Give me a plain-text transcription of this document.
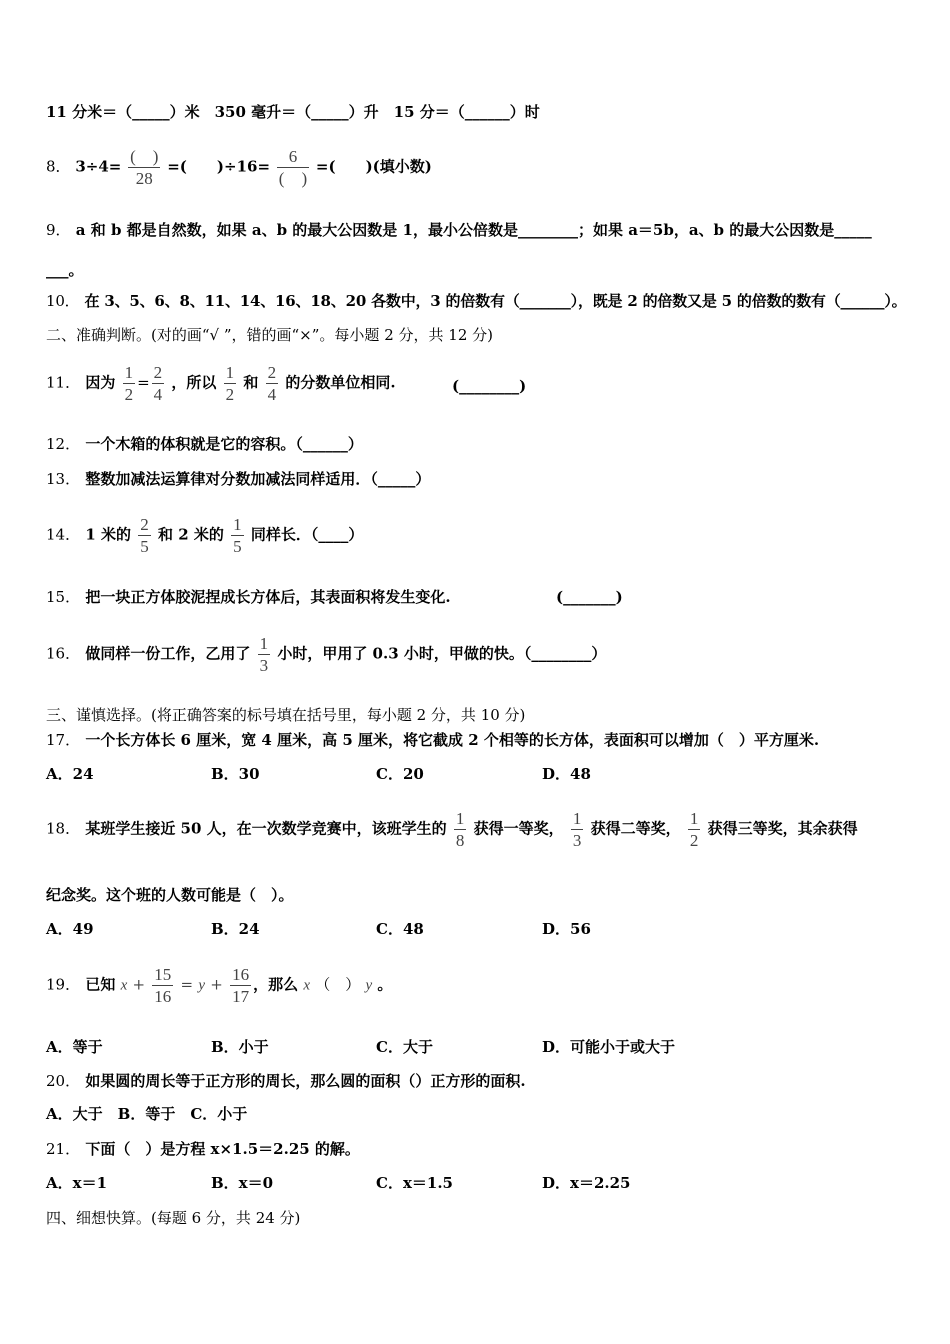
11 分米＝（_____）米　350 毫升＝（_____）升　15 分＝（______）时
8． $3\div 4= \frac{( )}{28}$ =(　　)$\div 16= \frac{6}{( )}$ =(　　)(填小数)
9． a 和 b 都是自然数，如果 a、b 的最大公因数是 1，最小公倍数是________；如果 a＝5b，a、b 的最大公因数是_____
___。
10． 在 3、5、6、8、11、14、16、18、20 各数中，3 的倍数有（_______），既是 2 的倍数又是 5 的倍数的数有（______）。
二、准确判断。(对的画“√ ”，错的画“×”。每小题 2 分，共 12 分)
11． 因为 $\frac{1}{2} = \frac{2}{4}$ ，所以 $\frac{1}{2}$ 和 $\frac{2}{4}$ 的分数单位相同.	(________)
12． 一个木箱的体积就是它的容积。（______）
13． 整数加减法运算律对分数加减法同样适用．（_____）
14． 1 米的 $\frac{2}{5}$ 和 2 米的 $\frac{1}{5}$ 同样长．（____）
15． 把一块正方体胶泥捏成长方体后，其表面积将发生变化.	(_______)
16． 做同样一份工作，乙用了 $\frac{1}{3}$ 小时，甲用了 0.3 小时，甲做的快。（________）
三、谨慎选择。(将正确答案的标号填在括号里，每小题 2 分，共 10 分)
17． 一个长方体长 6 厘米，宽 4 厘米，高 5 厘米，将它截成 2 个相等的长方体，表面积可以增加（　）平方厘米.
A．24	B．30	C．20	D．48
18． 某班学生接近 50 人，在一次数学竞赛中，该班学生的 $\frac{1}{8}$ 获得一等奖， $\frac{1}{3}$ 获得二等奖， $\frac{1}{2}$ 获得三等奖，其余获得
纪念奖。这个班的人数可能是（　）。
A．49	B．24	C．48	D．56
19． 已知 $x + \frac{15}{16} = y + \frac{16}{17}$ ，那么 x （　） y 。
A．等于	B．小于	C．大于	D．可能小于或大于
20． 如果圆的周长等于正方形的周长，那么圆的面积（）正方形的面积.
A．大于　B．等于　C．小于
21． 下面（　）是方程 x×1.5＝2.25 的解。
A．x＝1	B．x＝0	C．x＝1.5	D．x＝2.25
四、细想快算。(每题 6 分，共 24 分)
